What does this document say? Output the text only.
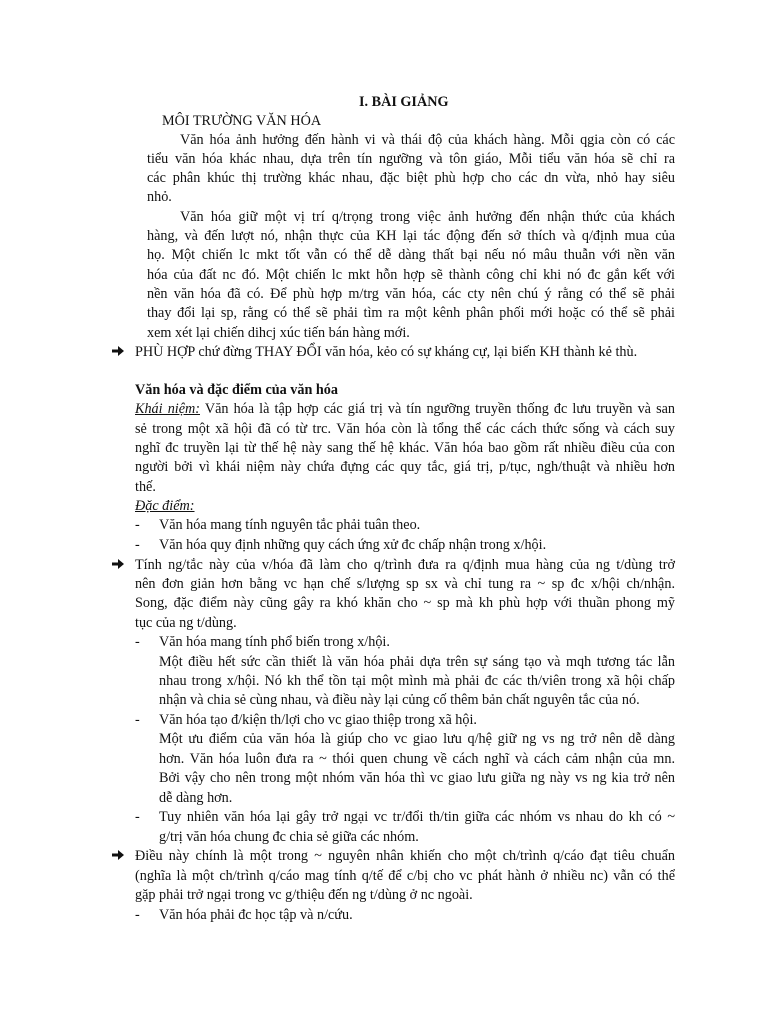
I. BÀI GIẢNG
MÔI TRƯỜNG VĂN HÓA
Văn hóa ảnh hưởng đến hành vi và thái độ của khách hàng. Mỗi qgia còn có các
tiểu văn hóa khác nhau, dựa trên tín ngưỡng và tôn giáo, Mỗi tiểu văn hóa sẽ chỉ ra
các phân khúc thị trường khác nhau, đặc biệt phù hợp cho các dn vừa, nhỏ hay siêu
nhỏ.
Văn hóa giữ một vị trí q/trọng trong việc ảnh hưởng đến nhận thức của khách
hàng, và đến lượt nó, nhận thực của KH lại tác động đến sở thích và q/định mua của
họ. Một chiến lc mkt tốt vẫn có thể dễ dàng thất bại nếu nó mâu thuẫn với nền văn
hóa của đất nc đó. Một chiến lc mkt hỗn hợp sẽ thành công chỉ khi nó đc gắn kết với
nền văn hóa đã có. Để phù hợp m/trg văn hóa, các cty nên chú ý rằng có thể sẽ phải
thay đổi lại sp, rằng có thể sẽ phải tìm ra một kênh phân phối mới hoặc có thể sẽ phải
xem xét lại chiến dihcj xúc tiến bán hàng mới.
PHÙ HỢP chứ đừng THAY ĐỔI văn hóa, kẻo có sự kháng cự, lại biến KH thành kẻ thù.
Văn hóa và đặc điểm của văn hóa
Khái niệm: Văn hóa là tập hợp các giá trị và tín ngưỡng truyền thống đc lưu truyền và san
sẻ trong một xã hội đã có từ trc. Văn hóa còn là tổng thể các cách thức sống và cách suy
nghĩ đc truyền lại từ thế hệ này sang thế hệ khác. Văn hóa bao gồm rất nhiều điều của con
người bởi vì khái niệm này chứa đựng các quy tắc, giá trị, p/tục, ngh/thuật và nhiều hơn
thế.
Đặc điểm:
- Văn hóa mang tính nguyên tắc phải tuân theo.
- Văn hóa quy định những quy cách ứng xử đc chấp nhận trong x/hội.
Tính ng/tắc này của v/hóa đã làm cho q/trình đưa ra q/định mua hàng của ng t/dùng trở
nên đơn giản hơn bằng vc hạn chế s/lượng sp sx và chỉ tung ra ~ sp đc x/hội ch/nhận.
Song, đặc điểm này cũng gây ra khó khăn cho ~ sp mà kh phù hợp với thuần phong mỹ
tục của ng t/dùng.
- Văn hóa mang tính phổ biến trong x/hội.
Một điều hết sức cần thiết là văn hóa phải dựa trên sự sáng tạo và mqh tương tác lẫn
nhau trong x/hội. Nó kh thể tồn tại một mình mà phải đc các th/viên trong xã hội chấp
nhận và chia sẻ cùng nhau, và điều này lại củng cố thêm bản chất nguyên tắc của nó.
- Văn hóa tạo đ/kiện th/lợi cho vc giao thiệp trong xã hội.
Một ưu điểm của văn hóa là giúp cho vc giao lưu q/hệ giữ ng vs ng trở nên dễ dàng
hơn. Văn hóa luôn đưa ra ~ thói quen chung về cách nghĩ và cách cảm nhận của mn.
Bởi vậy cho nên trong một nhóm văn hóa thì vc giao lưu giữa ng này vs ng kia trở nên
dễ dàng hơn.
- Tuy nhiên văn hóa lại gây trở ngại vc tr/đổi th/tin giữa các nhóm vs nhau do kh có ~
g/trị văn hóa chung đc chia sẻ giữa các nhóm.
Điều này chính là một trong ~ nguyên nhân khiến cho một ch/trình q/cáo đạt tiêu chuẩn
(nghĩa là một ch/trình q/cáo mag tính q/tế để c/bị cho vc phát hành ở nhiều nc) vẫn có thể
gặp phải trở ngại trong vc g/thiệu đến ng t/dùng ở nc ngoài.
- Văn hóa phải đc học tập và n/cứu.
